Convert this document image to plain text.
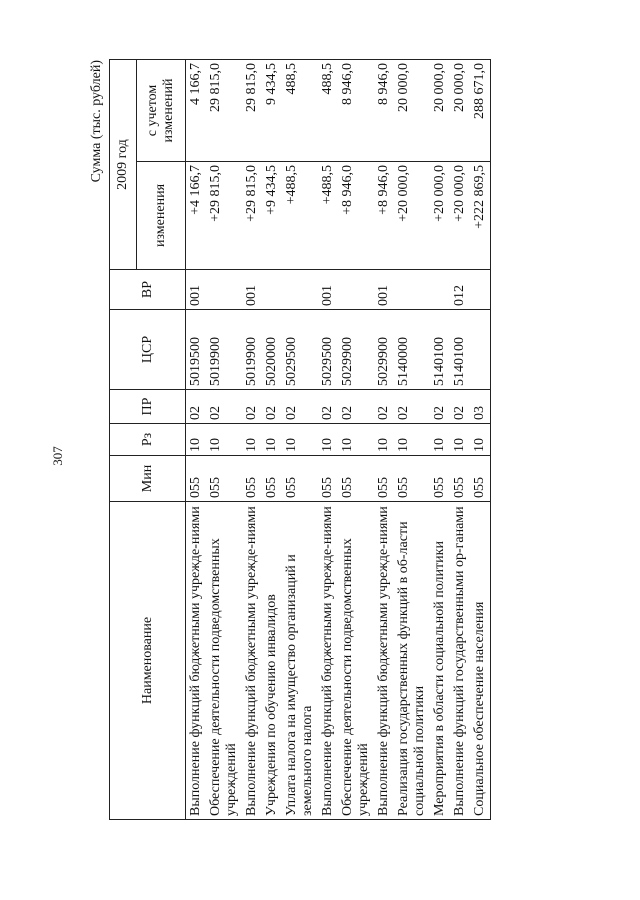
307
Сумма (тыс. рублей)
Наименование	Мин	Рз	ПР	ЦСР	ВР	2009 год	
						изменения	с учетом изменений
Выполнение функций бюджетными учрежде-ниями	055	10	02	5019500	001	+4 166,7	4 166,7
Обеспечение деятельности подведомственных учреждений	055	10	02	5019900		+29 815,0	29 815,0
Выполнение функций бюджетными учрежде-ниями	055	10	02	5019900	001	+29 815,0	29 815,0
Учреждения по обучению инвалидов	055	10	02	5020000		+9 434,5	9 434,5
Уплата налога на имущество организаций и земельного налога	055	10	02	5029500		+488,5	488,5
Выполнение функций бюджетными учрежде-ниями	055	10	02	5029500	001	+488,5	488,5
Обеспечение деятельности подведомственных учреждений	055	10	02	5029900		+8 946,0	8 946,0
Выполнение функций бюджетными учрежде-ниями	055	10	02	5029900	001	+8 946,0	8 946,0
Реализация государственных функций в об-ласти социальной политики	055	10	02	5140000		+20 000,0	20 000,0
Мероприятия в области социальной политики	055	10	02	5140100		+20 000,0	20 000,0
Выполнение функций государственными ор-ганами	055	10	02	5140100	012	+20 000,0	20 000,0
Социальное обеспечение населения	055	10	03			+222 869,5	288 671,0
